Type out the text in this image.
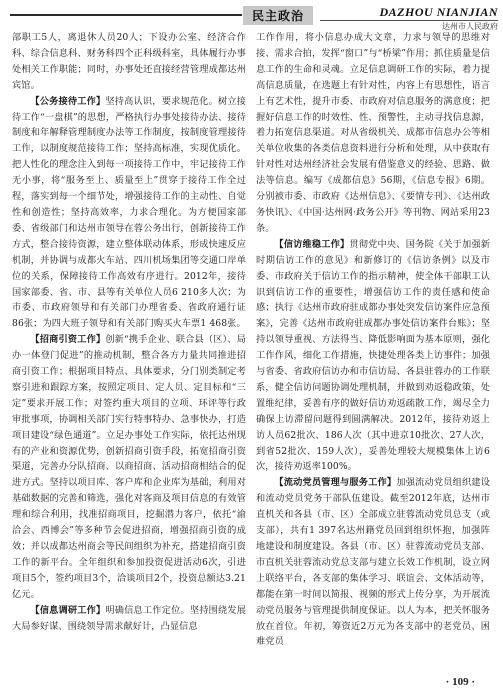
民主政治	DAZHOU NIANJIAN
达州市人民政府

部职工5人，离退休人员20人；下设办公室、经济合作科、综合信息科、财务科四个正科级科室，具体履行办事处相关工作职能；同时，办事处还直接经营管理成都达州宾馆。

【公务接待工作】坚持高认识，要求规范化。树立接待工作“一盘棋”的思想，严格执行办事处接待办法、接待制度和年解释管理制度办法等工作制度，按制度管理接待工作，以制度规范接待工作；坚持高标准，实现优质化。把人性化的理念注入到每一项接待工作中，牢记接待工作无小事，将“服务至上、质量至上”贯穿于接待工作全过程，落实到每一个细节处，增强接待工作的主动性、自觉性和创造性；坚持高效率，力求合理化。为方便国家部委、省级部门和达州市领导在蓉公务出行，创新接待工作方式，整合接待资源，建立整体联动体系，形成快速反应机制，并协调与成都火车站、四川机场集团等交通口岸单位的关系，保障接待工作高效有序进行。2012年，接待国家部委、省、市、县等有关单位人员6 210多人次；为市委、市政府领导和有关部门办理省委、省政府通行证86张；为四大班子领导和有关部门购买火车票1 468张。

【招商引资工作】创新“携手企业、联合县（区）、局办一体登门促进”的推动机制，整合各方力量共同推进招商引资工作；根据项目特点、具体要求，分门别类制定考察引进和跟踪方案，按照定项目、定人员、定目标和“三定”要求开展工作；对签约重大项目的立项、环评等行政审批事项，协调相关部门实行特事特办、急事快办，打造项目建设“绿色通道”。立足办事处工作实际，依托达州现有的产业和资源优势，创新招商引资手段，拓宽招商引资渠道，完善办分队招商、以商招商、活动招商相结合的促进方式。坚持以项目库、客户库和企业库为基础，利用对基础数据的完善和筛选，强化对客商及项目信息的有效管理和综合利用，找准招商项目，挖掘潜力客户，依托“渝洽会、西博会”等多种节会促进招商，增强招商引资的成效；并以成都达州商会等民间组织为补充，搭建招商引资工作的新平台。全年组织和参加投资促进活动6次，引进项目5个，签约项目3个，洽谈项目2个，投资总额达3.21亿元。

【信息调研工作】明确信息工作定位。坚持围绕发展大局参好谋、围绕领导需求献好计，凸显信息

工作作用，将小信息办成大文章，力求与领导的思维对接、需求合拍，发挥“窗口”与“桥梁”作用；抓住质量是信息工作的生命和灵魂。立足信息调研工作的实际，着力提高信息质量，在选题上有针对性，内容上有思想性，语言上有艺术性，提升市委、市政府对信息服务的满意度；把握好信息工作的时效性、性、预警性，主动寻找信息源，着力拓宽信息渠道。对从省级机关、成都市信息办公等相关单位收集的各类信息资料进行分析和处理，从中获取有针对性对达州经济社会发展有借鉴意义的经验、思路、做法等信息。编写《成都信息》56期，《信息专报》6期。分别被市委、市政府《达州信息》、《要情专刊》、《达州政务快讯》、《中国·达州网·政务公开》等刊物、网站采用23条。

【信访维稳工作】贯彻党中央、国务院《关于加强新时期信访工作的意见》和新修订的《信访条例》以及市委、市政府关于信访工作的指示精神，使全体干部职工认识到信访工作的重要性，增强信访工作的责任感和使命感；执行《达州市政府驻成都办事处突发信访案件应急预案》，完善《达州市政府驻成都办事处信访案件台账》；坚持以领导重视、方法得当、降低影响面为基本原则，强化工作作风，细化工作措施，快捷处理各类上访事件；加强与省委、省政府信访办和市信访局、各县驻蓉办的工作联系，健全信访问题协调处理机制，并做到劝返稳政策，处置维纪律，妥善有序的做好信访劝返疏散工作，竭尽全力确保上访滞留问题得到圆满解决。2012年，接待劝返上访人员62批次、186人次（其中进京10批次、27人次，到省52批次、159人次），妥善处理较大规模集体上访6次，接待劝返率100%。

【流动党员管理与服务工作】加强流动党员组织建设和流动党员党务干部队伍建设。截至2012年底，达州市直机关和各县（市、区）全部成立驻蓉流动党员总支（或支部），共有1 397名达州籍党员回到组织怀抱，加强阵地建设和制度建设。各县（市、区）驻蓉流动党员支部、市直机关驻蓉流动党总支部与建立长效工作机制，设立网上联络平台，各支部的集体学习、联谊会、文体活动等，都能在第一时间以简报、视频的形式上传分享，为开展流动党员服务与管理提供制度保证。以人为本，把关怀服务放在首位。年初，筹资近2万元为各支部中的老党员、困难党员

· 109 ·
